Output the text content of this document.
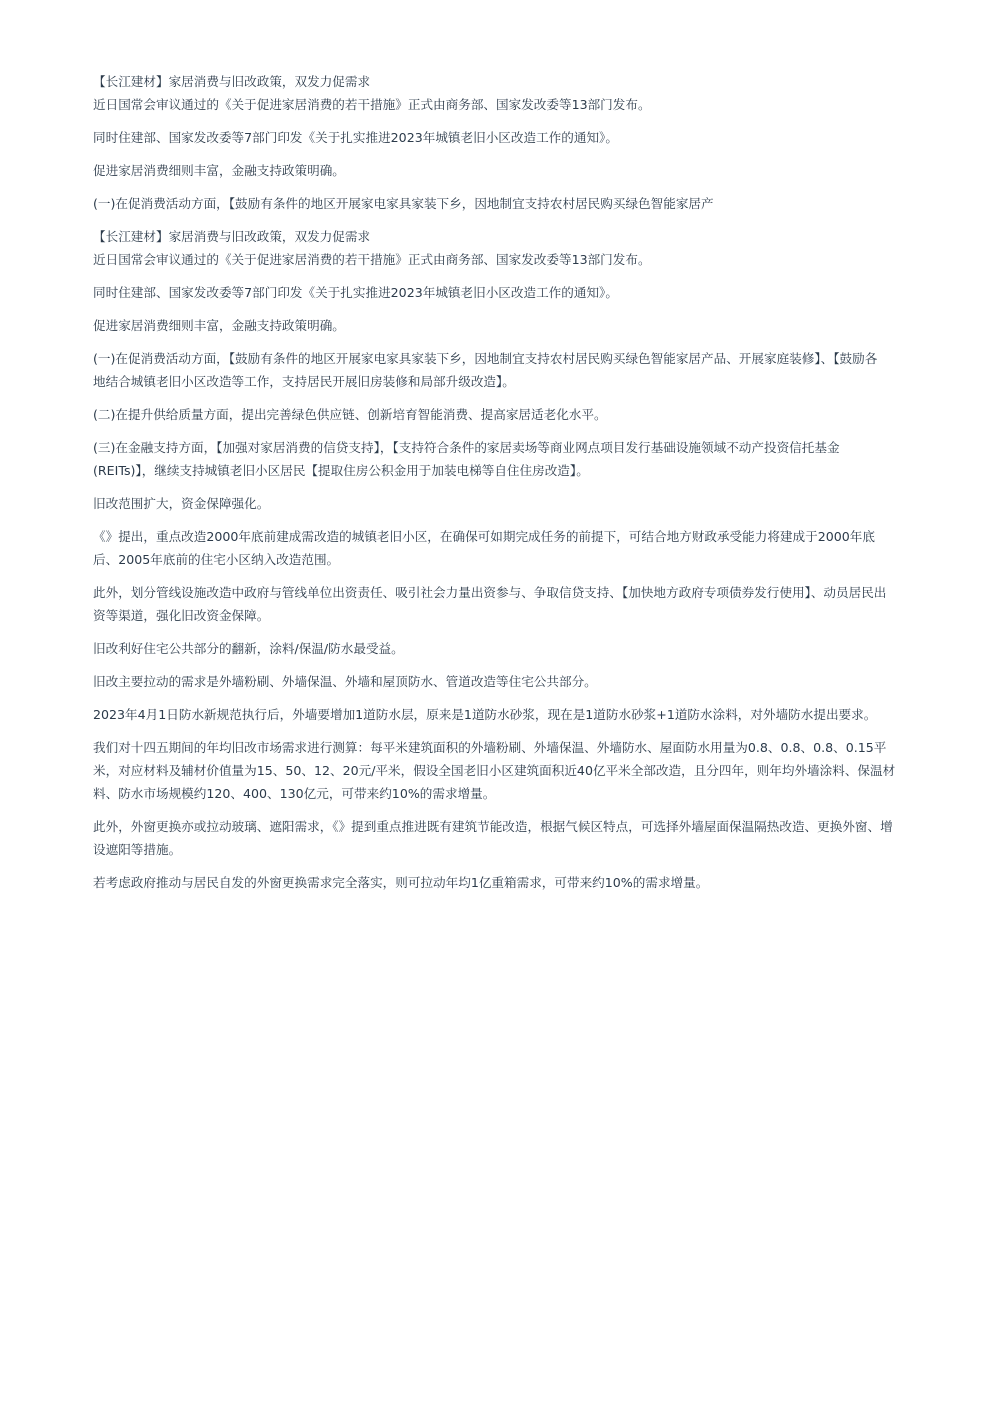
【长江建材】家居消费与旧改政策，双发力促需求

近日国常会审议通过的《关于促进家居消费的若干措施》正式由商务部、国家发改委等13部门发布。

同时住建部、国家发改委等7部门印发《关于扎实推进2023年城镇老旧小区改造工作的通知》。

促进家居消费细则丰富，金融支持政策明确。

(一)在促消费活动方面，【鼓励有条件的地区开展家电家具家装下乡，因地制宜支持农村居民购买绿色智能家居产

【长江建材】家居消费与旧改政策，双发力促需求

近日国常会审议通过的《关于促进家居消费的若干措施》正式由商务部、国家发改委等13部门发布。

同时住建部、国家发改委等7部门印发《关于扎实推进2023年城镇老旧小区改造工作的通知》。

促进家居消费细则丰富，金融支持政策明确。

(一)在促消费活动方面，【鼓励有条件的地区开展家电家具家装下乡，因地制宜支持农村居民购买绿色智能家居产品、开展家庭装修】、【鼓励各

地结合城镇老旧小区改造等工作，支持居民开展旧房装修和局部升级改造】。

(二)在提升供给质量方面，提出完善绿色供应链、创新培育智能消费、提高家居适老化水平。

(三)在金融支持方面，【加强对家居消费的信贷支持】，【支持符合条件的家居卖场等商业网点项目发行基础设施领域不动产投资信托基金

(REITs)】，继续支持城镇老旧小区居民【提取住房公积金用于加装电梯等自住住房改造】。

旧改范围扩大，资金保障强化。

《》提出，重点改造2000年底前建成需改造的城镇老旧小区，在确保可如期完成任务的前提下，可结合地方财政承受能力将建成于2000年底

后、2005年底前的住宅小区纳入改造范围。

此外，划分管线设施改造中政府与管线单位出资责任、吸引社会力量出资参与、争取信贷支持、【加快地方政府专项债券发行使用】、动员居民出

资等渠道，强化旧改资金保障。

旧改利好住宅公共部分的翻新，涂料/保温/防水最受益。

旧改主要拉动的需求是外墙粉刷、外墙保温、外墙和屋顶防水、管道改造等住宅公共部分。

2023年4月1日防水新规范执行后，外墙要增加1道防水层，原来是1道防水砂浆，现在是1道防水砂浆+1道防水涂料，对外墙防水提出要求。

我们对十四五期间的年均旧改市场需求进行测算：每平米建筑面积的外墙粉刷、外墙保温、外墙防水、屋面防水用量为0.8、0.8、0.8、0.15平

米，对应材料及辅材价值量为15、50、12、20元/平米，假设全国老旧小区建筑面积近40亿平米全部改造，且分四年，则年均外墙涂料、保温材

料、防水市场规模约120、400、130亿元，可带来约10%的需求增量。

此外，外窗更换亦或拉动玻璃、遮阳需求，《》提到重点推进既有建筑节能改造，根据气候区特点，可选择外墙屋面保温隔热改造、更换外窗、增

设遮阳等措施。

若考虑政府推动与居民自发的外窗更换需求完全落实，则可拉动年均1亿重箱需求，可带来约10%的需求增量。
